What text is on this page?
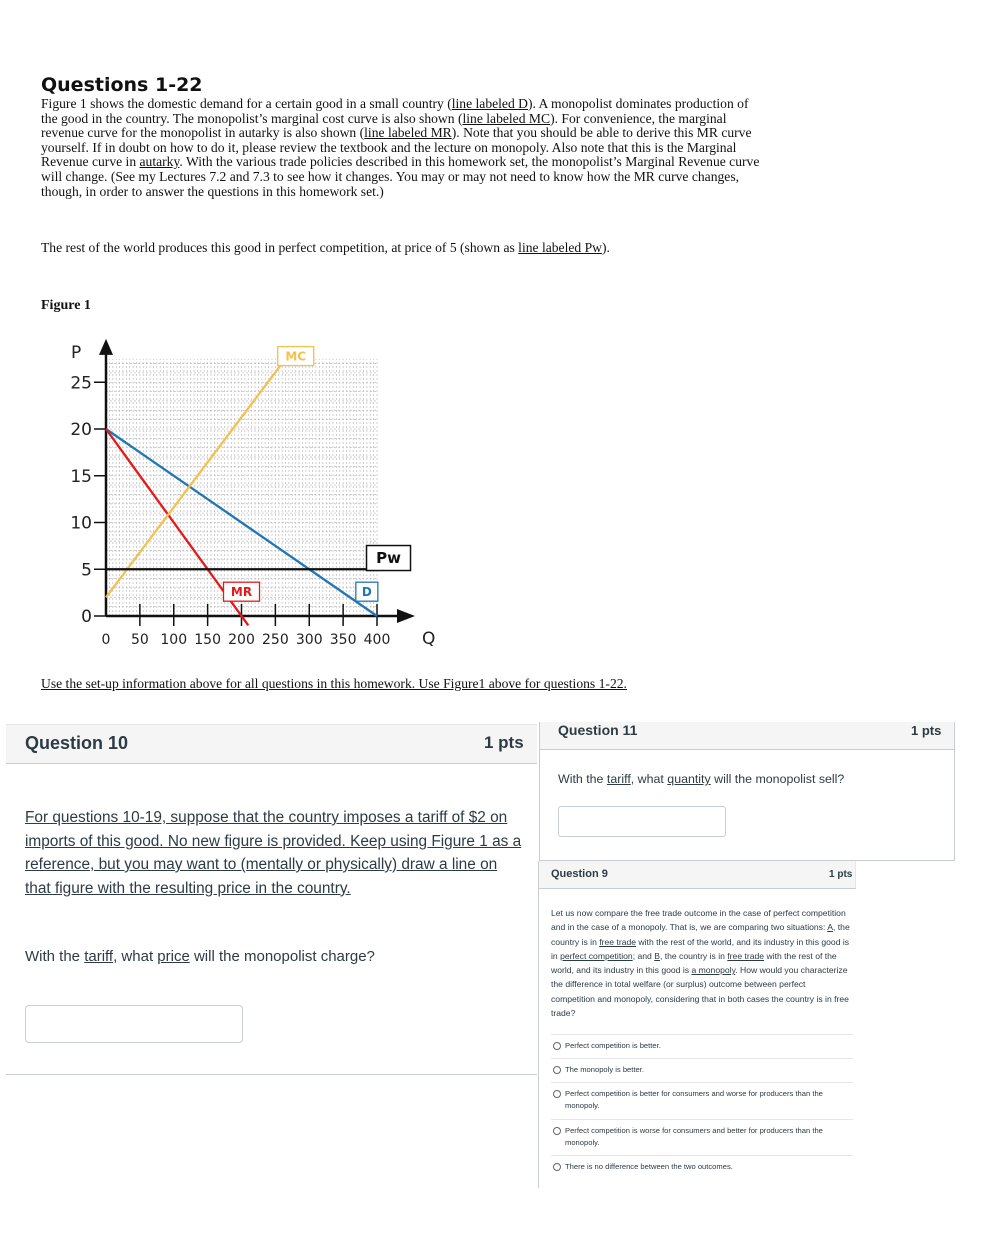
Questions 1-22
Figure 1 shows the domestic demand for a certain good in a small country (line labeled D). A monopolist dominates production of the good in the country. The monopolist’s marginal cost curve is also shown (line labeled MC). For convenience, the marginal revenue curve for the monopolist in autarky is also shown (line labeled MR). Note that you should be able to derive this MR curve yourself. If in doubt on how to do it, please review the textbook and the lecture on monopoly. Also note that this is the Marginal Revenue curve in autarky. With the various trade policies described in this homework set, the monopolist’s Marginal Revenue curve will change. (See my Lectures 7.2 and 7.3 to see how it changes. You may or may not need to know how the MR curve changes, though, in order to answer the questions in this homework set.)
The rest of the world produces this good in perfect competition, at price of 5 (shown as line labeled Pw).
Figure 1
0
5
10
15
20
25
0 50 100 150 200 250 300 350 400
P
Q
MC
MR	D
Pw
Use the set-up information above for all questions in this homework. Use Figure1 above for questions 1-22.
Question 10	1 pts
For questions 10-19, suppose that the country imposes a tariff of $2 on imports of this good. No new figure is provided. Keep using Figure 1 as a reference, but you may want to (mentally or physically) draw a line on that figure with the resulting price in the country.
With the tariff, what price will the monopolist charge?
Question 11	1 pts
With the tariff, what quantity will the monopolist sell?
Question 9	1 pts
Let us now compare the free trade outcome in the case of perfect competition and in the case of a monopoly. That is, we are comparing two situations: A, the country is in free trade with the rest of the world, and its industry in this good is in perfect competition; and B, the country is in free trade with the rest of the world, and its industry in this good is a monopoly. How would you characterize the difference in total welfare (or surplus) outcome between perfect competition and monopoly, considering that in both cases the country is in free trade?
Perfect competition is better.
The monopoly is better.
Perfect competition is better for consumers and worse for producers than the monopoly.
Perfect competition is worse for consumers and better for producers than the monopoly.
There is no difference between the two outcomes.
